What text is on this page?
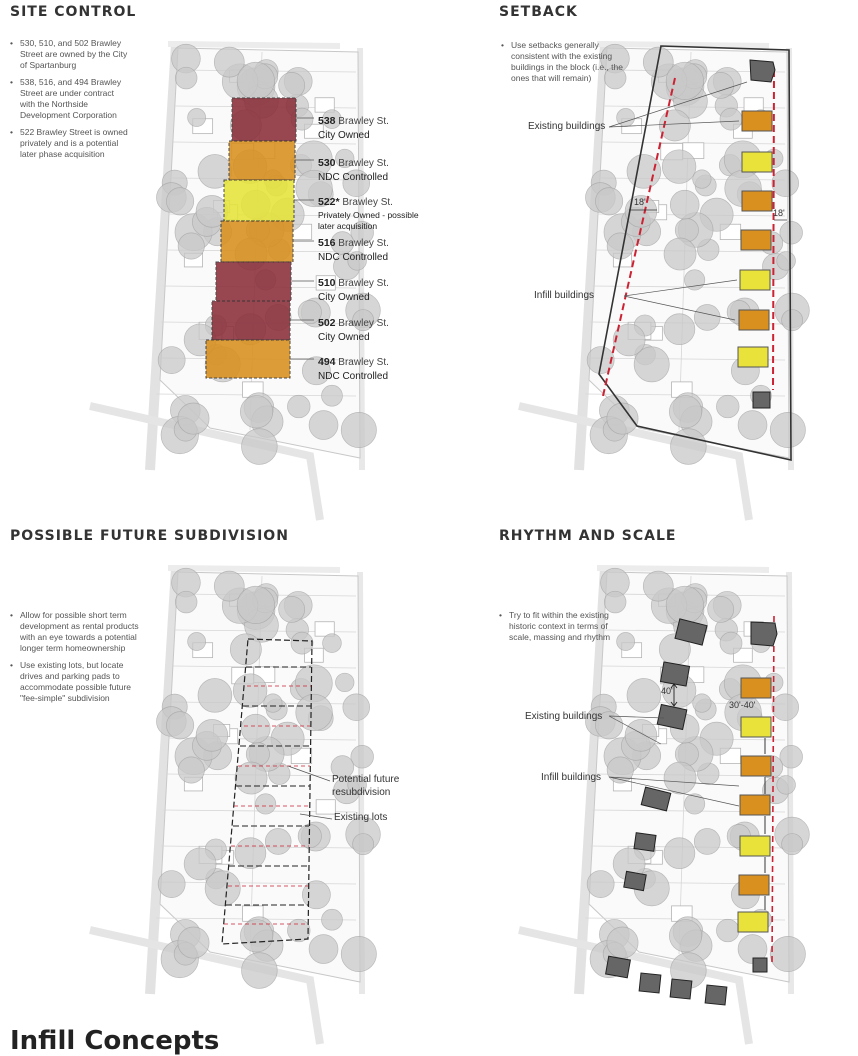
SITE CONTROL
• 530, 510, and 502 Brawley Street are owned by the City of Spartanburg
• 538, 516, and 494 Brawley Street are under contract with the Northside Development Corporation
• 522 Brawley Street is owned privately and is a potential later phase acquisition
538 Brawley St.
City Owned
530 Brawley St.
NDC Controlled
522* Brawley St.
Privately Owned - possible later acquisition
516 Brawley St.
NDC Controlled
510 Brawley St.
City Owned
502 Brawley St.
City Owned
494 Brawley St.
NDC Controlled
SETBACK
• Use setbacks generally consistent with the existing buildings in the block (i.e., the ones that will remain)
Existing buildings
Infill buildings
18'
18'
POSSIBLE FUTURE SUBDIVISION
• Allow for possible short term development as rental products with an eye towards a potential longer term homeownership
• Use existing lots, but locate drives and parking pads to accommodate possible future "fee-simple" subdivision
Potential future resubdivision
Existing lots
RHYTHM AND SCALE
• Try to fit within the existing historic context in terms of scale, massing and rhythm
Existing buildings
Infill buildings
40'
30'-40'
Infill Concepts
